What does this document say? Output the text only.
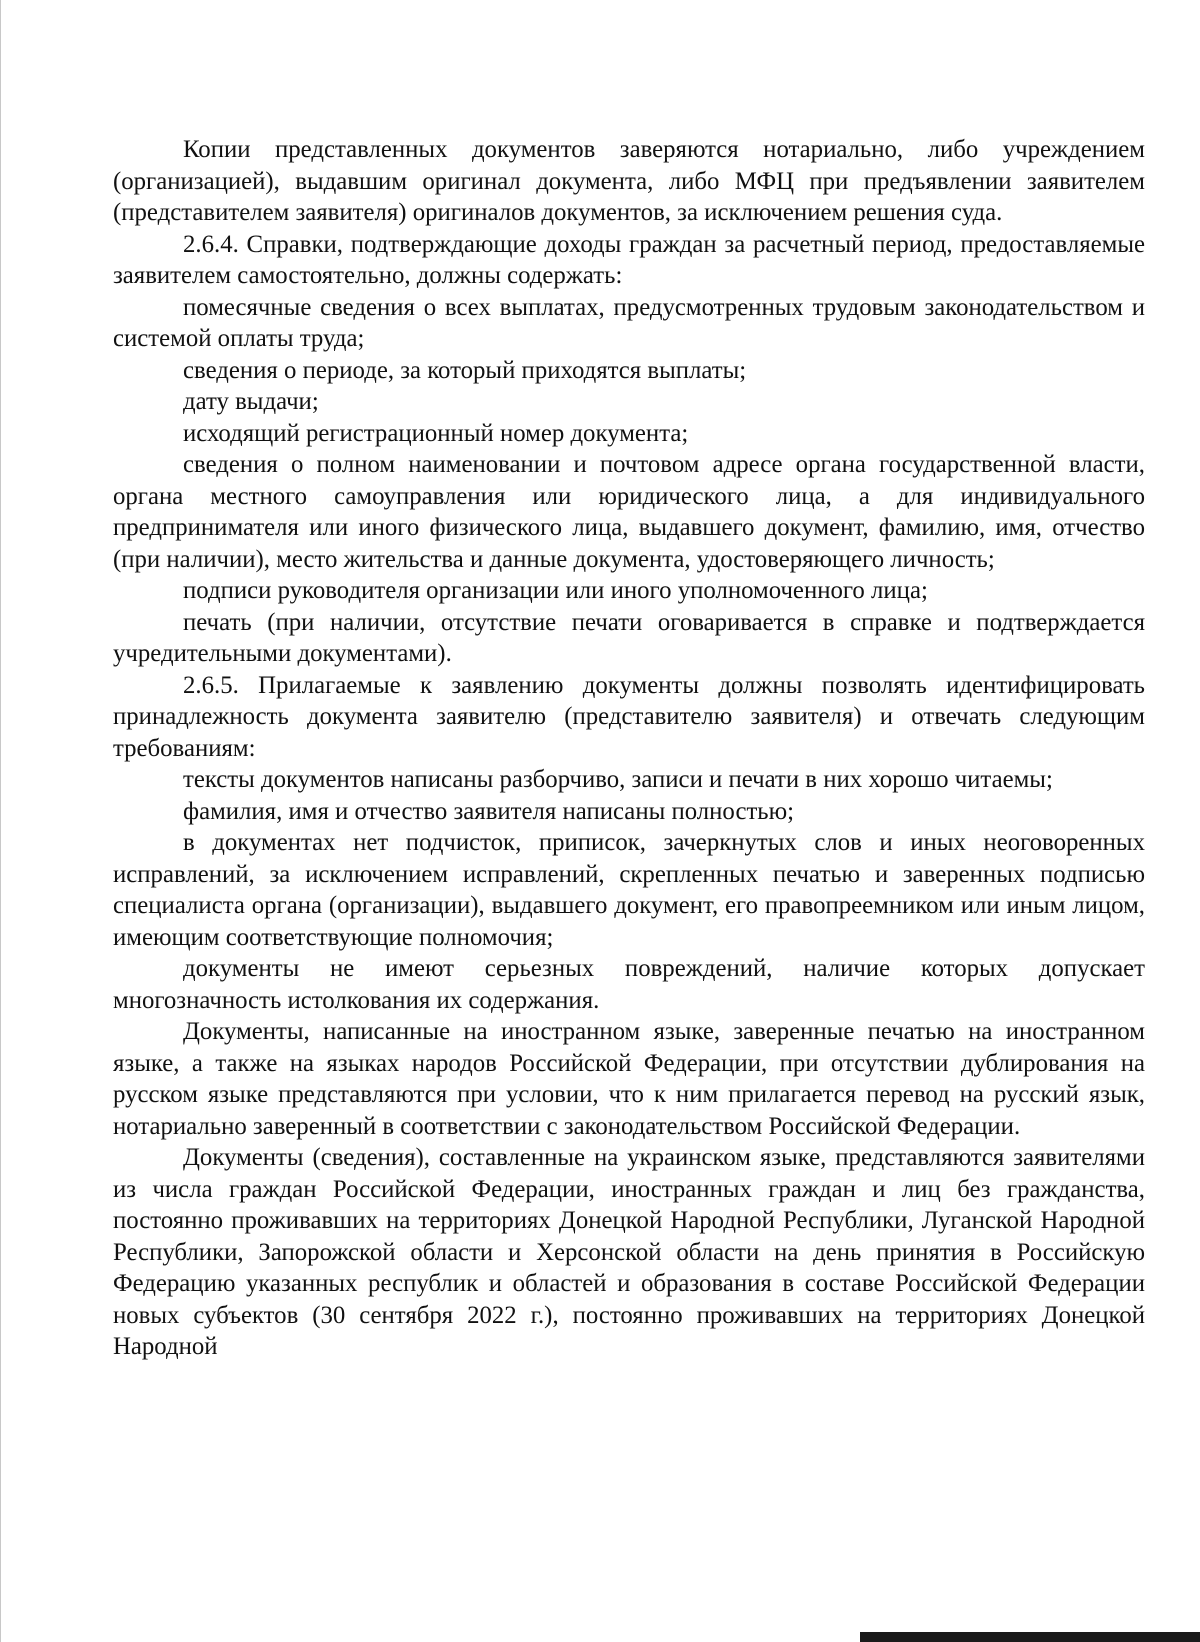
Копии представленных документов заверяются нотариально, либо учреждением (организацией), выдавшим оригинал документа, либо МФЦ при предъявлении заявителем (представителем заявителя) оригиналов документов, за исключением решения суда.

2.6.4. Справки, подтверждающие доходы граждан за расчетный период, предоставляемые заявителем самостоятельно, должны содержать:

помесячные сведения о всех выплатах, предусмотренных трудовым законодательством и системой оплаты труда;

сведения о периоде, за который приходятся выплаты;

дату выдачи;

исходящий регистрационный номер документа;

сведения о полном наименовании и почтовом адресе органа государственной власти, органа местного самоуправления или юридического лица, а для индивидуального предпринимателя или иного физического лица, выдавшего документ, фамилию, имя, отчество (при наличии), место жительства и данные документа, удостоверяющего личность;

подписи руководителя организации или иного уполномоченного лица;

печать (при наличии, отсутствие печати оговаривается в справке и подтверждается учредительными документами).

2.6.5. Прилагаемые к заявлению документы должны позволять идентифицировать принадлежность документа заявителю (представителю заявителя) и отвечать следующим требованиям:

тексты документов написаны разборчиво, записи и печати в них хорошо читаемы;

фамилия, имя и отчество заявителя написаны полностью;

в документах нет подчисток, приписок, зачеркнутых слов и иных неоговоренных исправлений, за исключением исправлений, скрепленных печатью и заверенных подписью специалиста органа (организации), выдавшего документ, его правопреемником или иным лицом, имеющим соответствующие полномочия;

документы не имеют серьезных повреждений, наличие которых допускает многозначность истолкования их содержания.

Документы, написанные на иностранном языке, заверенные печатью на иностранном языке, а также на языках народов Российской Федерации, при отсутствии дублирования на русском языке представляются при условии, что к ним прилагается перевод на русский язык, нотариально заверенный в соответствии с законодательством Российской Федерации.

Документы (сведения), составленные на украинском языке, представляются заявителями из числа граждан Российской Федерации, иностранных граждан и лиц без гражданства, постоянно проживавших на территориях Донецкой Народной Республики, Луганской Народной Республики, Запорожской области и Херсонской области на день принятия в Российскую Федерацию указанных республик и областей и образования в составе Российской Федерации новых субъектов (30 сентября 2022 г.), постоянно проживавших на территориях Донецкой Народной
